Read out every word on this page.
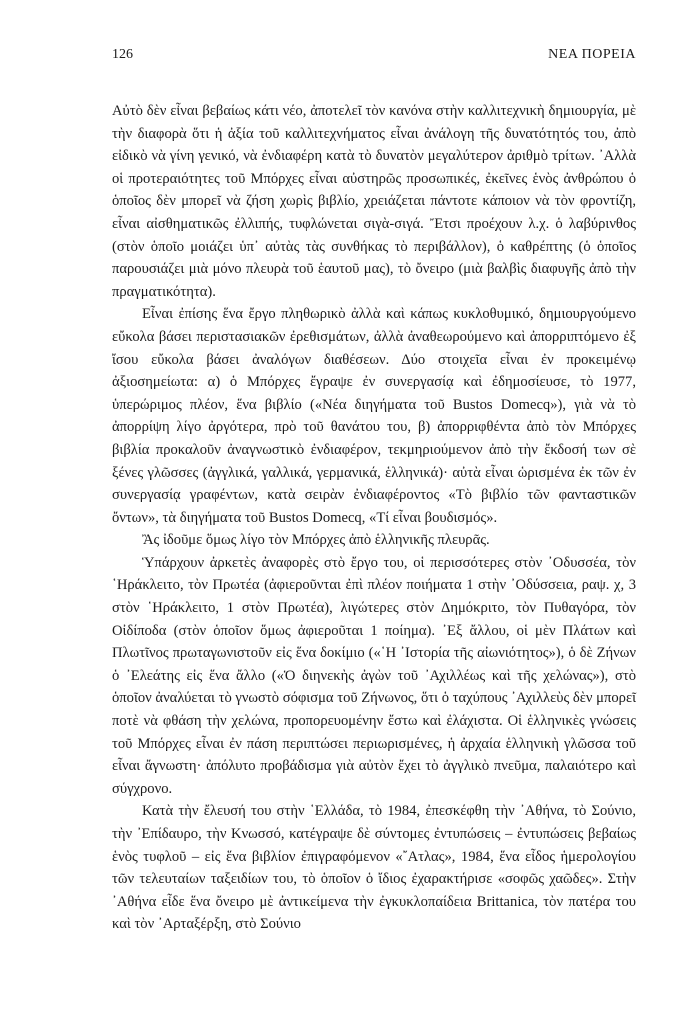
126	ΝΕΑ ΠΟΡΕΙΑ

Αὐτὸ δὲν εἶναι βεβαίως κάτι νέο, ἀποτελεῖ τὸν κανόνα στὴν καλλιτεχνικὴ δημιουργία, μὲ τὴν διαφορὰ ὅτι ἡ ἀξία τοῦ καλλιτεχνήματος εἶναι ἀνάλογη τῆς δυνατότητός του, ἀπὸ εἰδικὸ νὰ γίνη γενικό, νὰ ἐνδιαφέρη κατὰ τὸ δυνατὸν μεγαλύτερον ἀριθμὸ τρίτων. ᾿Αλλὰ οἱ προτεραιότητες τοῦ Μπόρχες εἶναι αὐστηρῶς προσωπικές, ἐκεῖνες ἑνὸς ἀνθρώπου ὁ ὁποῖος δὲν μπορεῖ νὰ ζήση χωρὶς βιβλίο, χρειάζεται πάντοτε κάποιον νὰ τὸν φροντίζη, εἶναι αἰσθηματικῶς ἐλλιπής, τυφλώνεται σιγὰ-σιγά. Ἔτσι προέχουν λ.χ. ὁ λαβύρινθος (στὸν ὁποῖο μοιάζει ὑπ᾿ αὐτὰς τὰς συνθήκας τὸ περιβάλλον), ὁ καθρέπτης (ὁ ὁποῖος παρουσιάζει μιὰ μόνο πλευρὰ τοῦ ἑαυτοῦ μας), τὸ ὄνειρο (μιὰ βαλβὶς διαφυγῆς ἀπὸ τὴν πραγματικότητα).

Εἶναι ἐπίσης ἕνα ἔργο πληθωρικὸ ἀλλὰ καὶ κάπως κυκλοθυμικό, δημιουργούμενο εὔκολα βάσει περιστασιακῶν ἐρεθισμάτων, ἀλλὰ ἀναθεωρούμενο καὶ ἀπορριπτόμενο ἐξ ἴσου εὔκολα βάσει ἀναλόγων διαθέσεων. Δύο στοιχεῖα εἶναι ἐν προκειμένῳ ἀξιοσημείωτα: α) ὁ Μπόρχες ἔγραψε ἐν συνεργασίᾳ καὶ ἐδημοσίευσε, τὸ 1977, ὑπερώριμος πλέον, ἕνα βιβλίο («Νέα διηγήματα τοῦ Bustos Domecq»), γιὰ νὰ τὸ ἀπορρίψη λίγο ἀργότερα, πρὸ τοῦ θανάτου του, β) ἀπορριφθέντα ἀπὸ τὸν Μπόρχες βιβλία προκαλοῦν ἀναγνωστικὸ ἐνδιαφέρον, τεκμηριούμενον ἀπὸ τὴν ἔκδοσή των σὲ ξένες γλῶσσες (ἀγγλικά, γαλλικά, γερμανικά, ἑλληνικά)· αὐτὰ εἶναι ὡρισμένα ἐκ τῶν ἐν συνεργασίᾳ γραφέντων, κατὰ σειρὰν ἐνδιαφέροντος «Τὸ βιβλίο τῶν φανταστικῶν ὄντων», τὰ διηγήματα τοῦ Bustos Domecq, «Τί εἶναι βουδισμός».

Ἂς ἰδοῦμε ὅμως λίγο τὸν Μπόρχες ἀπὸ ἑλληνικῆς πλευρᾶς.

Ὑπάρχουν ἀρκετὲς ἀναφορὲς στὸ ἔργο του, οἱ περισσότερες στὸν ᾿Οδυσσέα, τὸν ῾Ηράκλειτο, τὸν Πρωτέα (ἀφιεροῦνται ἐπὶ πλέον ποιήματα 1 στὴν ᾿Οδύσσεια, ραψ. χ, 3 στὸν ῾Ηράκλειτο, 1 στὸν Πρωτέα), λιγώτερες στὸν Δημόκριτο, τὸν Πυθαγόρα, τὸν Οἰδίποδα (στὸν ὁποῖον ὅμως ἀφιεροῦται 1 ποίημα). ᾿Εξ ἄλλου, οἱ μὲν Πλάτων καὶ Πλωτῖνος πρωταγωνιστοῦν εἰς ἕνα δοκίμιο («῾Η ᾿Ιστορία τῆς αἰωνιότητος»), ὁ δὲ Ζήνων ὁ ᾿Ελεάτης εἰς ἕνα ἄλλο («Ὁ διηνεκὴς ἀγὼν τοῦ ᾿Αχιλλέως καὶ τῆς χελώνας»), στὸ ὁποῖον ἀναλύεται τὸ γνωστὸ σόφισμα τοῦ Ζήνωνος, ὅτι ὁ ταχύπους ᾿Αχιλλεὺς δὲν μπορεῖ ποτὲ νὰ φθάση τὴν χελώνα, προπορευομένην ἔστω καὶ ἐλάχιστα. Οἱ ἑλληνικὲς γνώσεις τοῦ Μπόρχες εἶναι ἐν πάση περιπτώσει περιωρισμένες, ἡ ἀρχαία ἑλληνικὴ γλῶσσα τοῦ εἶναι ἄγνωστη· ἀπόλυτο προβάδισμα γιὰ αὐτὸν ἔχει τὸ ἀγγλικὸ πνεῦμα, παλαιότερο καὶ σύγχρονο.

Κατὰ τὴν ἔλευσή του στὴν ῾Ελλάδα, τὸ 1984, ἐπεσκέφθη τὴν ᾿Αθήνα, τὸ Σούνιο, τὴν ᾿Επίδαυρο, τὴν Κνωσσό, κατέγραψε δὲ σύντομες ἐντυπώσεις – ἐντυπώσεις βεβαίως ἑνὸς τυφλοῦ – εἰς ἕνα βιβλίον ἐπιγραφόμενον «῎Ατλας», 1984, ἕνα εἶδος ἡμερολογίου τῶν τελευταίων ταξειδίων του, τὸ ὁποῖον ὁ ἴδιος ἐχαρακτήρισε «σοφῶς χαῶδες». Στὴν ᾿Αθήνα εἶδε ἕνα ὄνειρο μὲ ἀντικείμενα τὴν ἐγκυκλοπαίδεια Brittanica, τὸν πατέρα του καὶ τὸν ᾿Αρταξέρξη, στὸ Σούνιο
